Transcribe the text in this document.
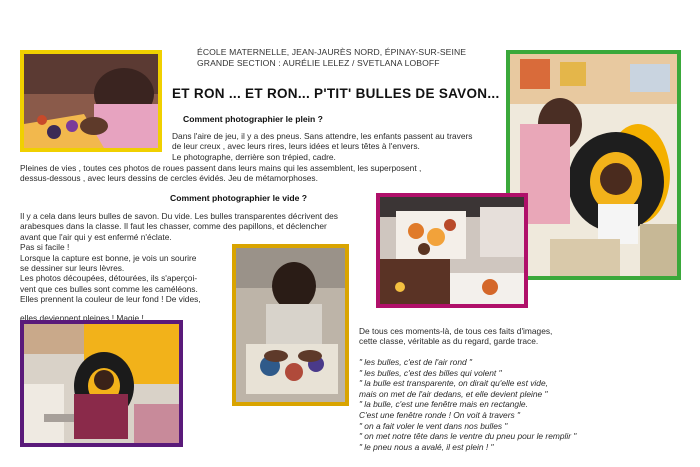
ÉCOLE MATERNELLE, JEAN-JAURÈS NORD, ÉPINAY-SUR-SEINE
GRANDE SECTION : AURÉLIE LELEZ / SVETLANA LOBOFF
ET RON ... ET RON... P'TIT' BULLES DE SAVON...
Comment photographier le plein ?
Dans l'aire de jeu, il y a des pneus. Sans attendre, les enfants passent au travers
de leur creux , avec leurs rires, leurs idées et leurs têtes à l'envers.
Le photographe, derrière son trépied, cadre.
Pleines de vies , toutes ces photos de roues passent dans leurs mains qui les assemblent, les superposent ,
dessus-dessous , avec leurs dessins de cercles évidés. Jeu de métamorphoses.
Comment photographier le vide ?
Il y a cela dans leurs bulles de savon. Du vide. Les bulles transparentes décrivent des
arabesques dans la classe. Il faut les chasser, comme des papillons, et déclencher
avant que l'air qui y est enfermé n'éclate.
Pas si facile !
Lorsque la capture est bonne, je vois un sourire
se dessiner sur leurs lèvres.
Les photos découpées, détourées, ils s'aperçoi-
vent que ces bulles sont comme les caméléons.
Elles prennent la couleur de leur fond ! De vides,
elles deviennent pleines ! Magie !
De tous ces moments-là, de tous ces faits d'images,
cette classe, véritable as du regard, garde trace.
" les bulles, c'est de l'air rond "
" les bulles, c'est des billes qui volent "
" la bulle est transparente, on dirait qu'elle est vide,
mais on met de l'air dedans, et elle devient pleine "
" la bulle, c'est une fenêtre mais en rectangle.
C'est une fenêtre ronde ! On voit à travers "
" on a fait voler le vent dans nos bulles "
" on met notre tête dans le ventre du pneu pour le remplir "
" le pneu nous a avalé, il est plein ! "
